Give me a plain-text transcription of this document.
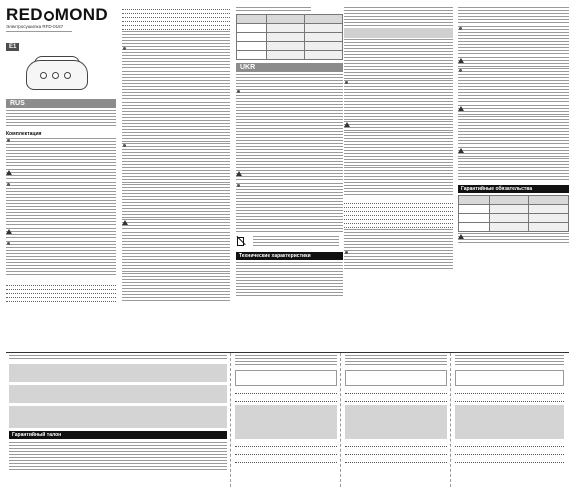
RED MOND
Электросушилка RFD-0157
Е1
RUS
Комплектация

UKR

Технические характеристики
Гарантийные обязательства

Гарантийный талон
